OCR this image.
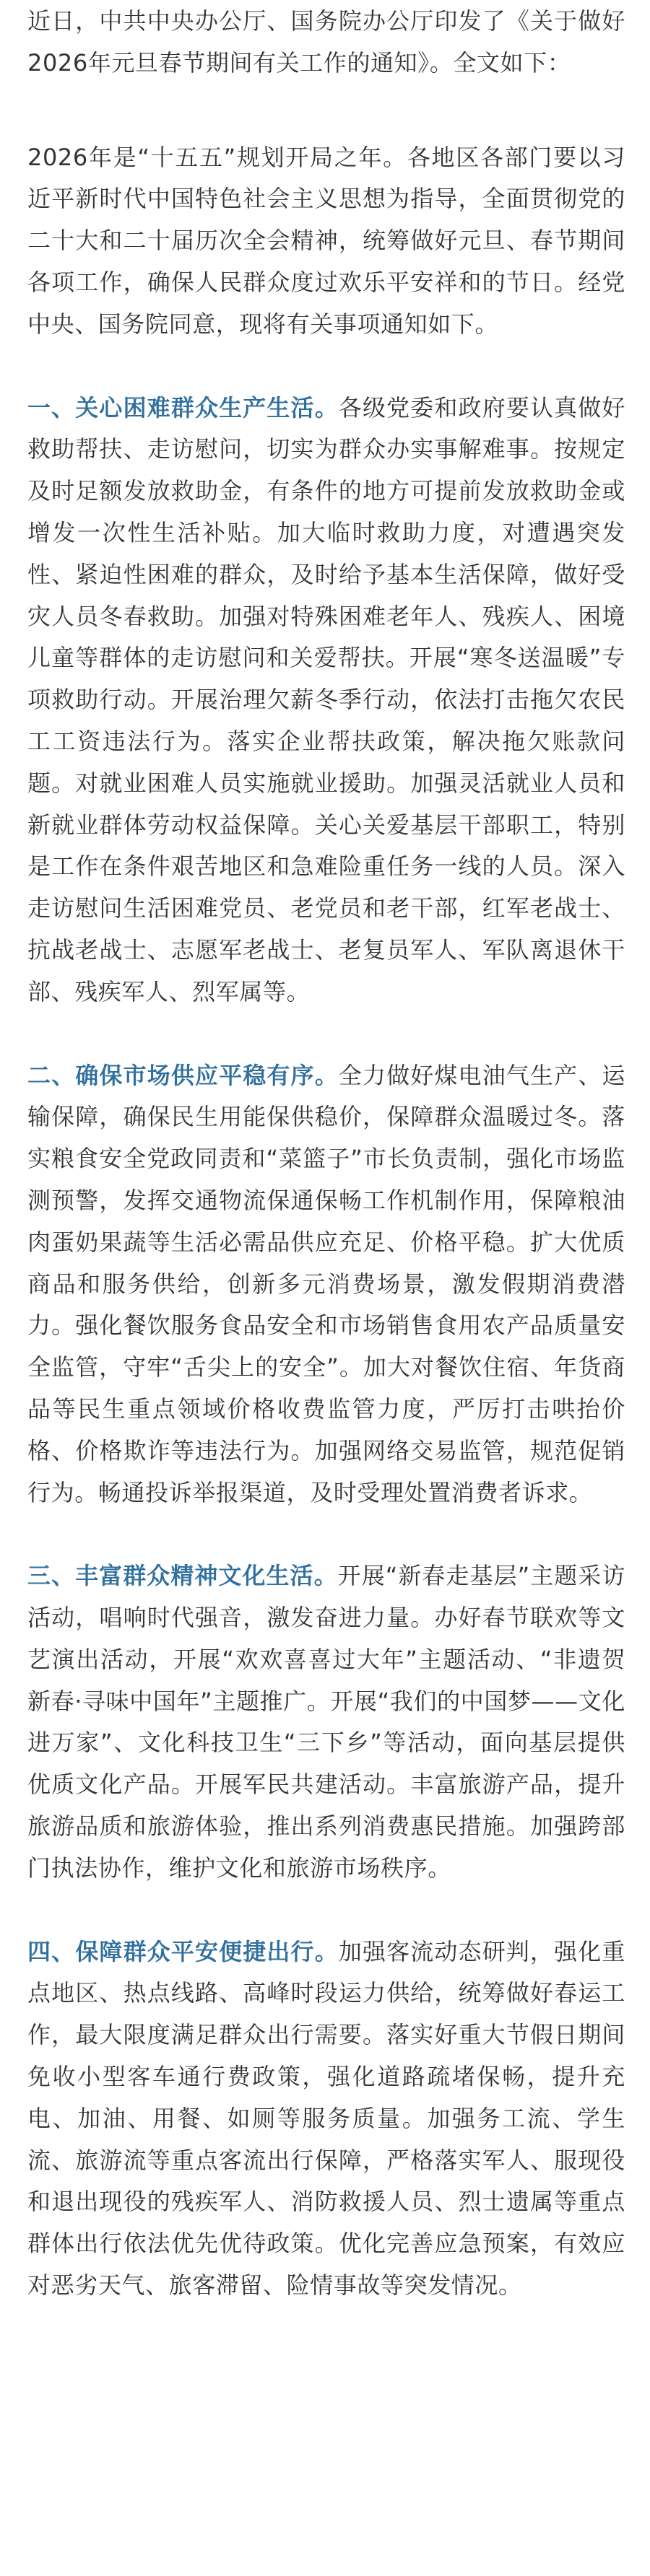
近日，中共中央办公厅、国务院办公厅印发了《关于做好2026年元旦春节期间有关工作的通知》。全文如下：

2026年是“十五五”规划开局之年。各地区各部门要以习近平新时代中国特色社会主义思想为指导，全面贯彻党的二十大和二十届历次全会精神，统筹做好元旦、春节期间各项工作，确保人民群众度过欢乐平安祥和的节日。经党中央、国务院同意，现将有关事项通知如下。

一、关心困难群众生产生活。各级党委和政府要认真做好救助帮扶、走访慰问，切实为群众办实事解难事。按规定及时足额发放救助金，有条件的地方可提前发放救助金或增发一次性生活补贴。加大临时救助力度，对遭遇突发性、紧迫性困难的群众，及时给予基本生活保障，做好受灾人员冬春救助。加强对特殊困难老年人、残疾人、困境儿童等群体的走访慰问和关爱帮扶。开展“寒冬送温暖”专项救助行动。开展治理欠薪冬季行动，依法打击拖欠农民工工资违法行为。落实企业帮扶政策，解决拖欠账款问题。对就业困难人员实施就业援助。加强灵活就业人员和新就业群体劳动权益保障。关心关爱基层干部职工，特别是工作在条件艰苦地区和急难险重任务一线的人员。深入走访慰问生活困难党员、老党员和老干部，红军老战士、抗战老战士、志愿军老战士、老复员军人、军队离退休干部、残疾军人、烈军属等。

二、确保市场供应平稳有序。全力做好煤电油气生产、运输保障，确保民生用能保供稳价，保障群众温暖过冬。落实粮食安全党政同责和“菜篮子”市长负责制，强化市场监测预警，发挥交通物流保通保畅工作机制作用，保障粮油肉蛋奶果蔬等生活必需品供应充足、价格平稳。扩大优质商品和服务供给，创新多元消费场景，激发假期消费潜力。强化餐饮服务食品安全和市场销售食用农产品质量安全监管，守牢“舌尖上的安全”。加大对餐饮住宿、年货商品等民生重点领域价格收费监管力度，严厉打击哄抬价格、价格欺诈等违法行为。加强网络交易监管，规范促销行为。畅通投诉举报渠道，及时受理处置消费者诉求。

三、丰富群众精神文化生活。开展“新春走基层”主题采访活动，唱响时代强音，激发奋进力量。办好春节联欢等文艺演出活动，开展“欢欢喜喜过大年”主题活动、“非遗贺新春·寻味中国年”主题推广。开展“我们的中国梦——文化进万家”、文化科技卫生“三下乡”等活动，面向基层提供优质文化产品。开展军民共建活动。丰富旅游产品，提升旅游品质和旅游体验，推出系列消费惠民措施。加强跨部门执法协作，维护文化和旅游市场秩序。

四、保障群众平安便捷出行。加强客流动态研判，强化重点地区、热点线路、高峰时段运力供给，统筹做好春运工作，最大限度满足群众出行需要。落实好重大节假日期间免收小型客车通行费政策，强化道路疏堵保畅，提升充电、加油、用餐、如厕等服务质量。加强务工流、学生流、旅游流等重点客流出行保障，严格落实军人、服现役和退出现役的残疾军人、消防救援人员、烈士遗属等重点群体出行依法优先优待政策。优化完善应急预案，有效应对恶劣天气、旅客滞留、险情事故等突发情况。
